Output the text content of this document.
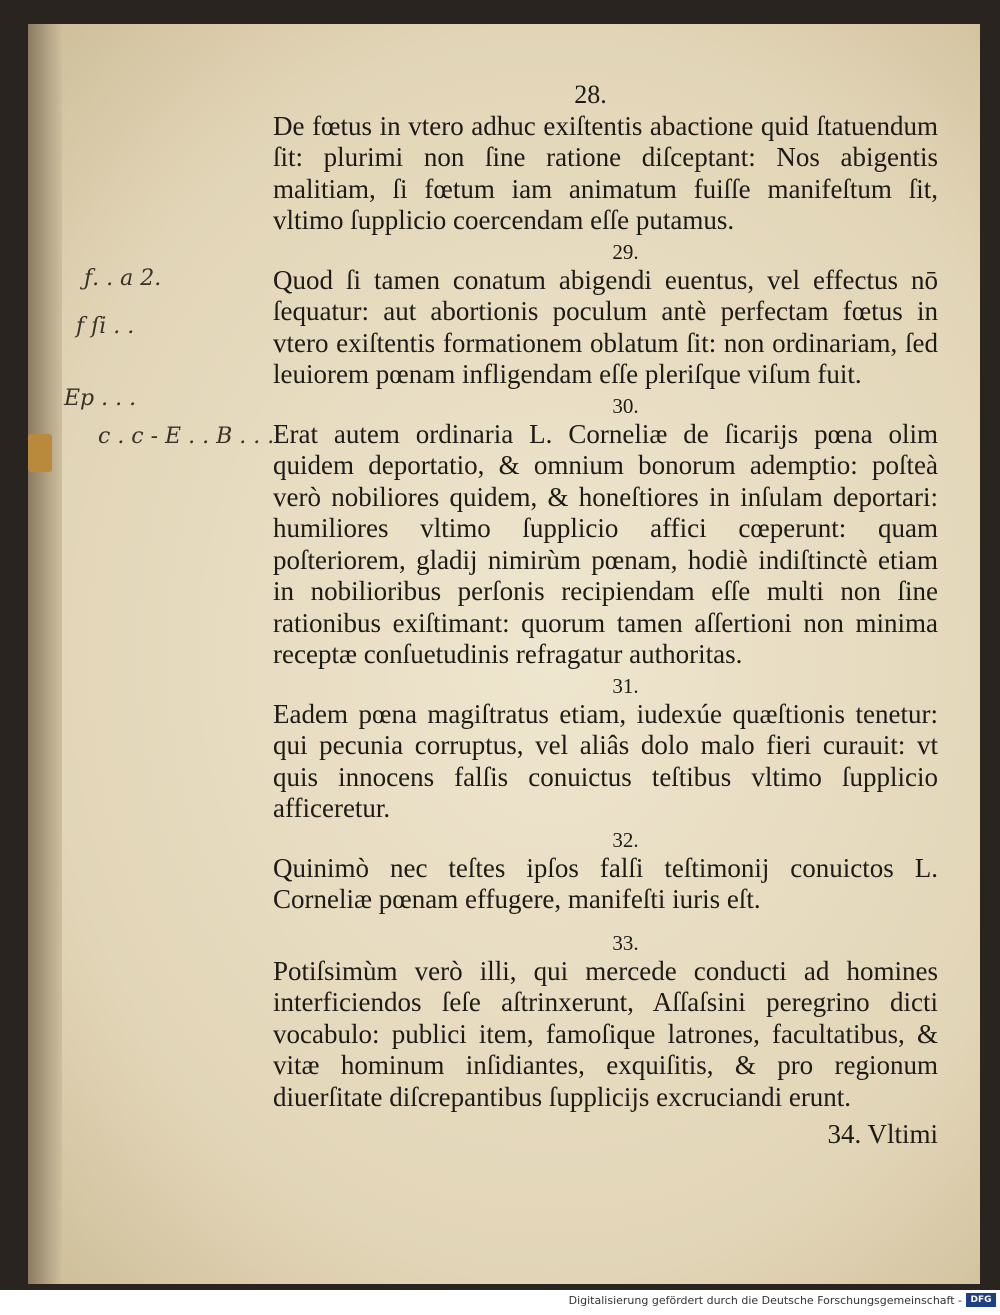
ƒ. . a 2.
f ſi . .
Ep . . .
c . c - E . . B . . .
28.

De fœtus in vtero adhuc exiſtentis abactione quid ſtatuendum ſit: plurimi non ſine ratione diſceptant: Nos abigentis malitiam, ſi fœtum iam animatum fuiſſe manifeſtum ſit, vltimo ſupplicio coercendam eſſe putamus.

29.

Quod ſi tamen conatum abigendi euentus, vel effectus nō ſequatur: aut abortionis poculum antè perfectam fœtus in vtero exiſtentis formationem oblatum ſit: non ordinariam, ſed leuiorem pœnam infligendam eſſe pleriſque viſum fuit.

30.

Erat autem ordinaria L. Corneliæ de ſicarijs pœna olim quidem deportatio, & omnium bonorum ademptio: poſteà verò nobiliores quidem, & honeſtiores in inſulam deportari: humiliores vltimo ſupplicio affici cœperunt: quam poſteriorem, gladij nimirùm pœnam, hodiè indiſtinctè etiam in nobilioribus perſonis recipiendam eſſe multi non ſine rationibus exiſtimant: quorum tamen aſſertioni non minima receptæ conſuetudinis refragatur authoritas.

31.

Eadem pœna magiſtratus etiam, iudexúe quæſtionis tenetur: qui pecunia corruptus, vel aliâs dolo malo fieri curauit: vt quis innocens falſis conuictus teſtibus vltimo ſupplicio afficeretur.

32.

Quinimò nec teſtes ipſos falſi teſtimonij conuictos L. Corneliæ pœnam effugere, manifeſti iuris eſt.

33.

Potiſsimùm verò illi, qui mercede conducti ad homines interficiendos ſeſe aſtrinxerunt, Aſſaſsini peregrino dicti vocabulo: publici item, famoſique latrones, facultatibus, & vitæ hominum inſidiantes, exquiſitis, & pro regionum diuerſitate diſcrepantibus ſupplicijs excruciandi erunt.

34. Vltimi
Digitalisierung gefördert durch die Deutsche Forschungsgemeinschaft - DFG
